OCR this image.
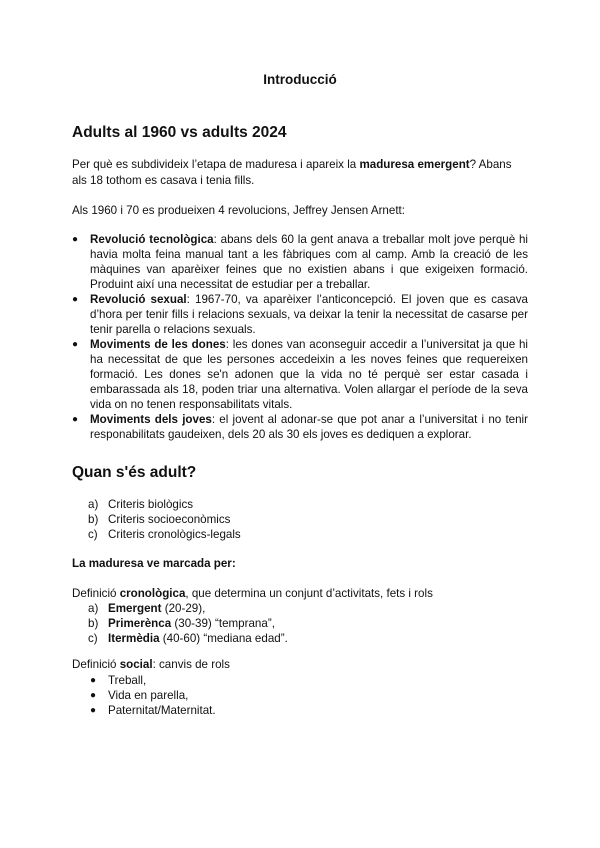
Introducció
Adults al 1960 vs adults 2024

Per què es subdivideix l’etapa de maduresa i apareix la maduresa emergent? Abans als 18 tothom es casava i tenia fills.

Als 1960 i 70 es produeixen 4 revolucions, Jeffrey Jensen Arnett:

● Revolució tecnològica: abans dels 60 la gent anava a treballar molt jove perquè hi havia molta feina manual tant a les fàbriques com al camp. Amb la creació de les màquines van aparèixer feines que no existien abans i que exigeixen formació. Produint així una necessitat de estudiar per a treballar.
● Revolució sexual: 1967-70, va aparèixer l’anticoncepció. El joven que es casava d’hora per tenir fills i relacions sexuals, va deixar la tenir la necessitat de casarse per tenir parella o relacions sexuals.
● Moviments de les dones: les dones van aconseguir accedir a l’universitat ja que hi ha necessitat de que les persones accedeixin a les noves feines que requereixen formació. Les dones se'n adonen que la vida no té perquè ser estar casada i embarassada als 18, poden triar una alternativa. Volen allargar el període de la seva vida on no tenen responsabilitats vitals.
● Moviments dels joves: el jovent al adonar-se que pot anar a l’universitat i no tenir responabilitats gaudeixen, dels 20 als 30 els joves es dediquen a explorar.
Quan s'és adult?
a) Criteris biològics
b) Criteris socioeconòmics
c) Criteris cronològics-legals

La maduresa ve marcada per:

Definició cronològica, que determina un conjunt d’activitats, fets i rols

a) Emergent (20-29),
b) Primerènca (30-39) “temprana”,
c) Itermèdia (40-60) “mediana edad”.

Definició social: canvis de rols

● Treball,
● Vida en parella,
● Paternitat/Maternitat.
